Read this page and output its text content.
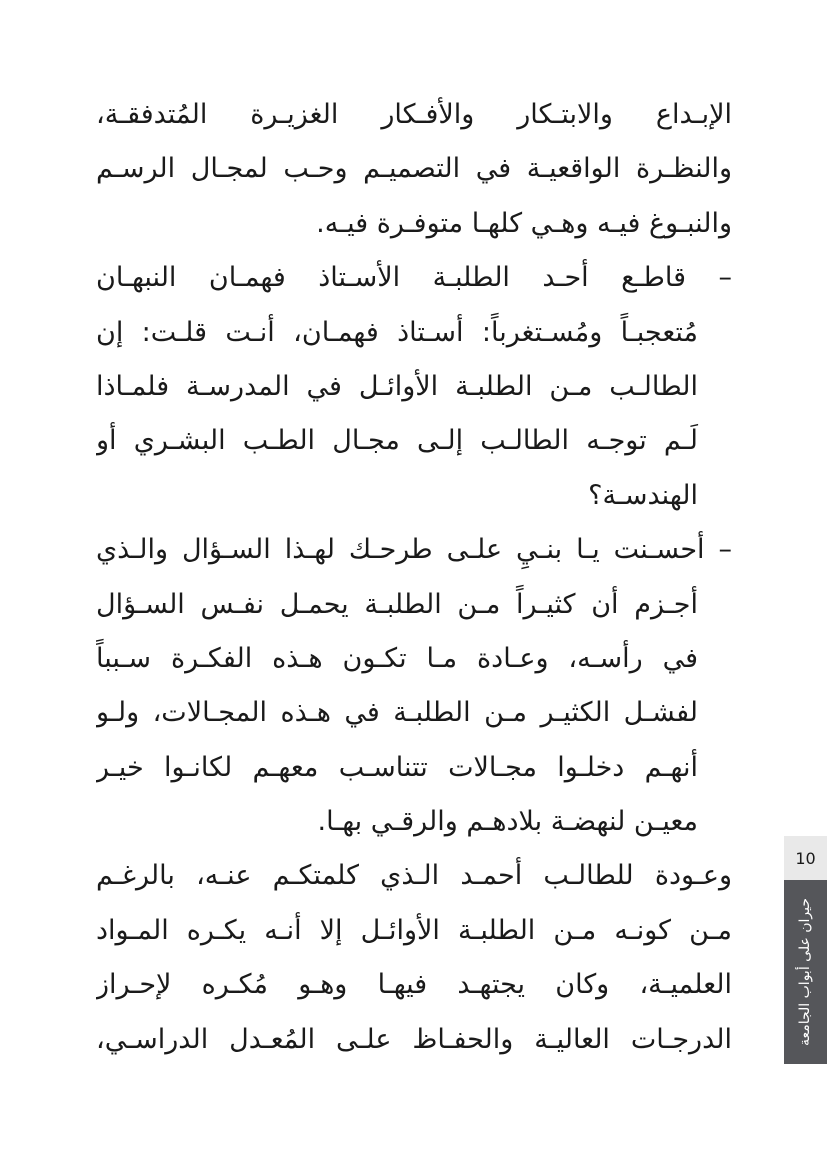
الإبـداع والابتـكار والأفـكار الغزيـرة المُتدفقـة،
والنظـرة الواقعيـة في التصميـم وحـب لمجـال الرسـم
والنبـوغ فيـه وهـي كلهـا متوفـرة فيـه.
– قاطـع أحـد الطلبـة الأسـتاذ فهمـان النبهـان
مُتعجبـاً ومُسـتغرباً: أسـتاذ فهمـان، أنـت قلـت: إن
الطالـب مـن الطلبـة الأوائـل في المدرسـة فلمـاذا
لَـم توجـه الطالـب إلـى مجـال الطـب البشـري أو
الهندسـة؟
– أحسـنت يـا بنـيِ علـى طرحـك لهـذا السـؤال والـذي
أجـزم أن كثيـراً مـن الطلبـة يحمـل نفـس السـؤال
في رأسـه، وعـادة مـا تكـون هـذه الفكـرة سـبباً
لفشـل الكثيـر مـن الطلبـة في هـذه المجـالات، ولـو
أنهـم دخلـوا مجـالات تتناسـب معهـم لكانـوا خيـر
معيـن لنهضـة بلادهـم والرقـي بهـا.
وعـودة للطالـب أحمـد الـذي كلمتكـم عنـه، بالرغـم
مـن كونـه مـن الطلبـة الأوائـل إلا أنـه يكـره المـواد
العلميـة، وكان يجتهـد فيهـا وهـو مُكـره لإحـراز
الدرجـات العاليـة والحفـاظ علـى المُعـدل الدراسـي،
10
حيران على أبواب الجامعة
